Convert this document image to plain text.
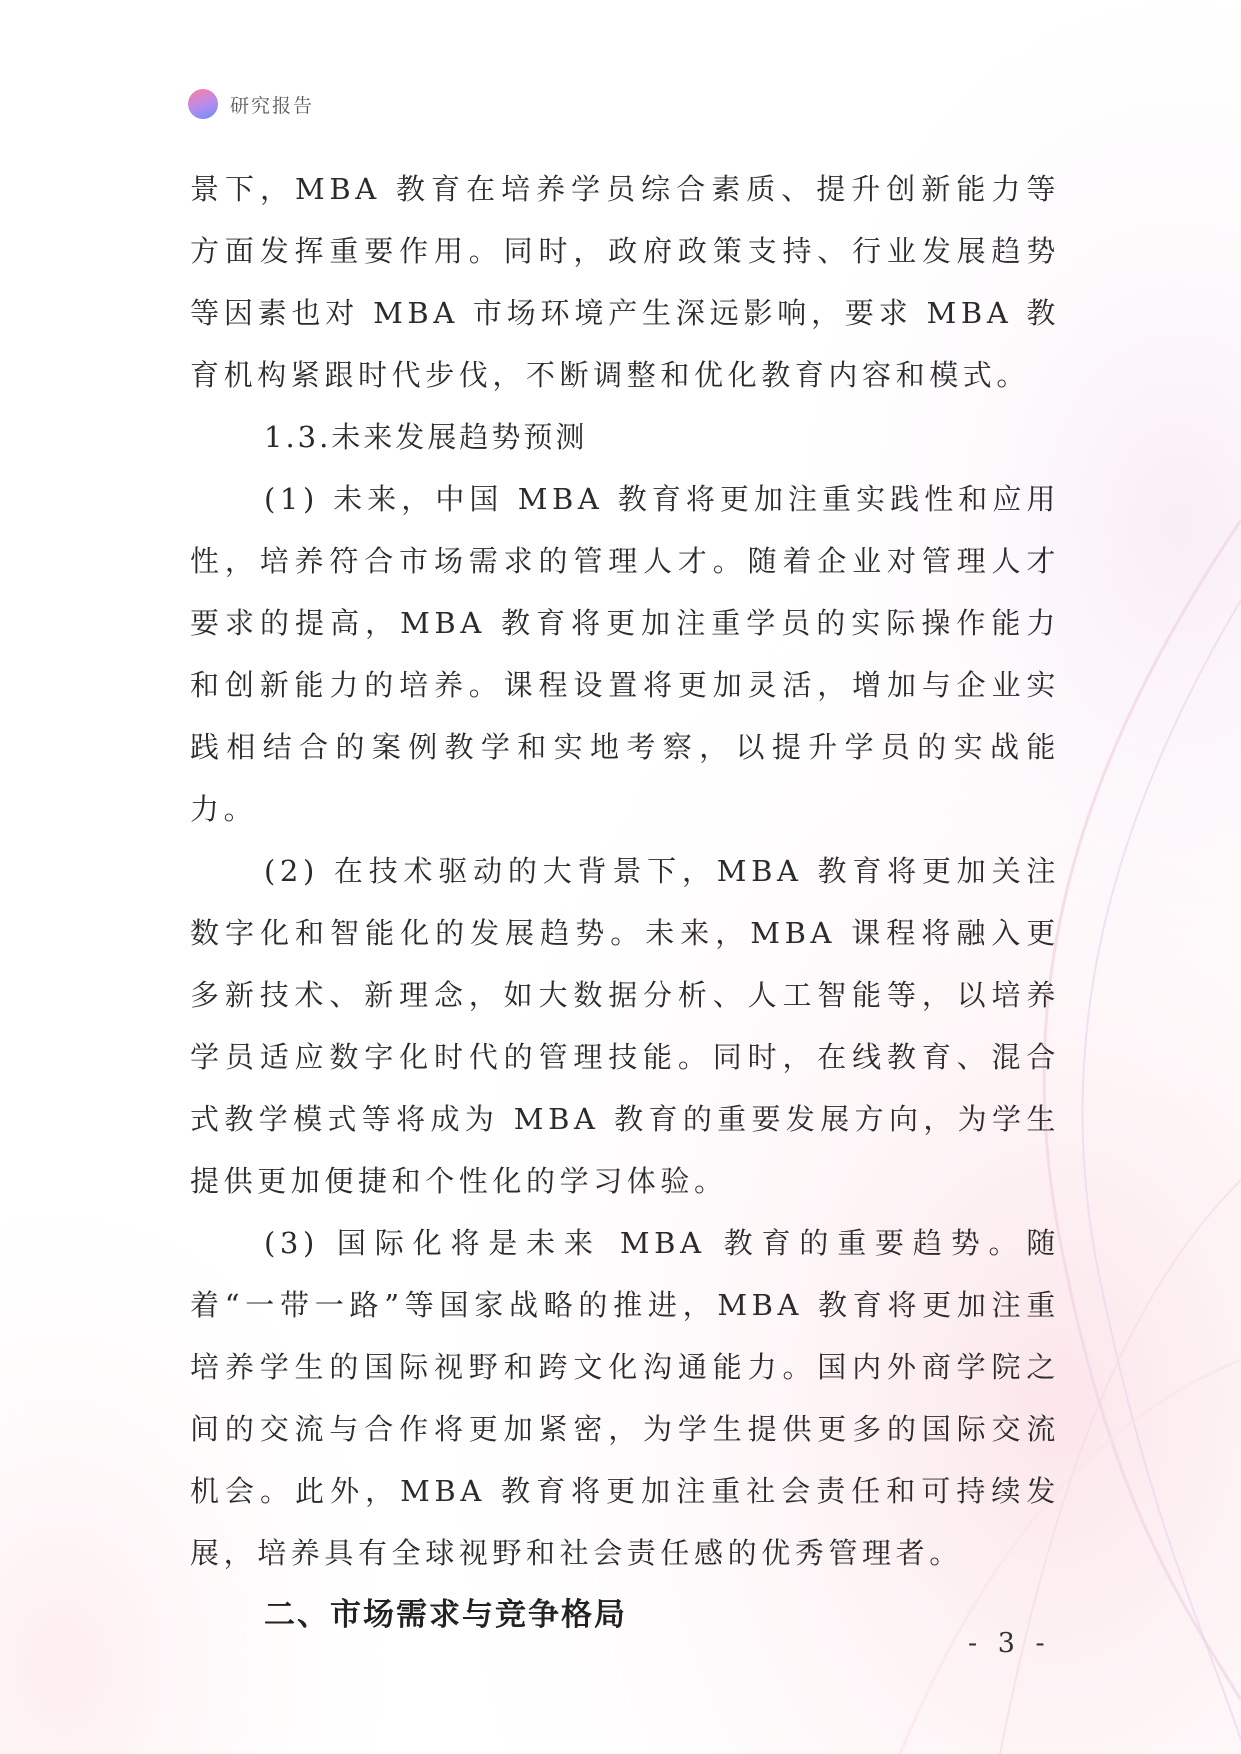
研究报告

景下，MBA 教育在培养学员综合素质、提升创新能力等方面发挥重要作用。同时，政府政策支持、行业发展趋势等因素也对 MBA 市场环境产生深远影响，要求 MBA 教育机构紧跟时代步伐，不断调整和优化教育内容和模式。

1.3.未来发展趋势预测

(1) 未来，中国 MBA 教育将更加注重实践性和应用性，培养符合市场需求的管理人才。随着企业对管理人才要求的提高，MBA 教育将更加注重学员的实际操作能力和创新能力的培养。课程设置将更加灵活，增加与企业实践相结合的案例教学和实地考察，以提升学员的实战能力。

(2) 在技术驱动的大背景下，MBA 教育将更加关注数字化和智能化的发展趋势。未来，MBA 课程将融入更多新技术、新理念，如大数据分析、人工智能等，以培养学员适应数字化时代的管理技能。同时，在线教育、混合式教学模式等将成为 MBA 教育的重要发展方向，为学生提供更加便捷和个性化的学习体验。

(3) 国际化将是未来 MBA 教育的重要趋势。随着“一带一路”等国家战略的推进，MBA 教育将更加注重培养学生的国际视野和跨文化沟通能力。国内外商学院之间的交流与合作将更加紧密，为学生提供更多的国际交流机会。此外，MBA 教育将更加注重社会责任和可持续发展，培养具有全球视野和社会责任感的优秀管理者。

二、市场需求与竞争格局

- 3 -
